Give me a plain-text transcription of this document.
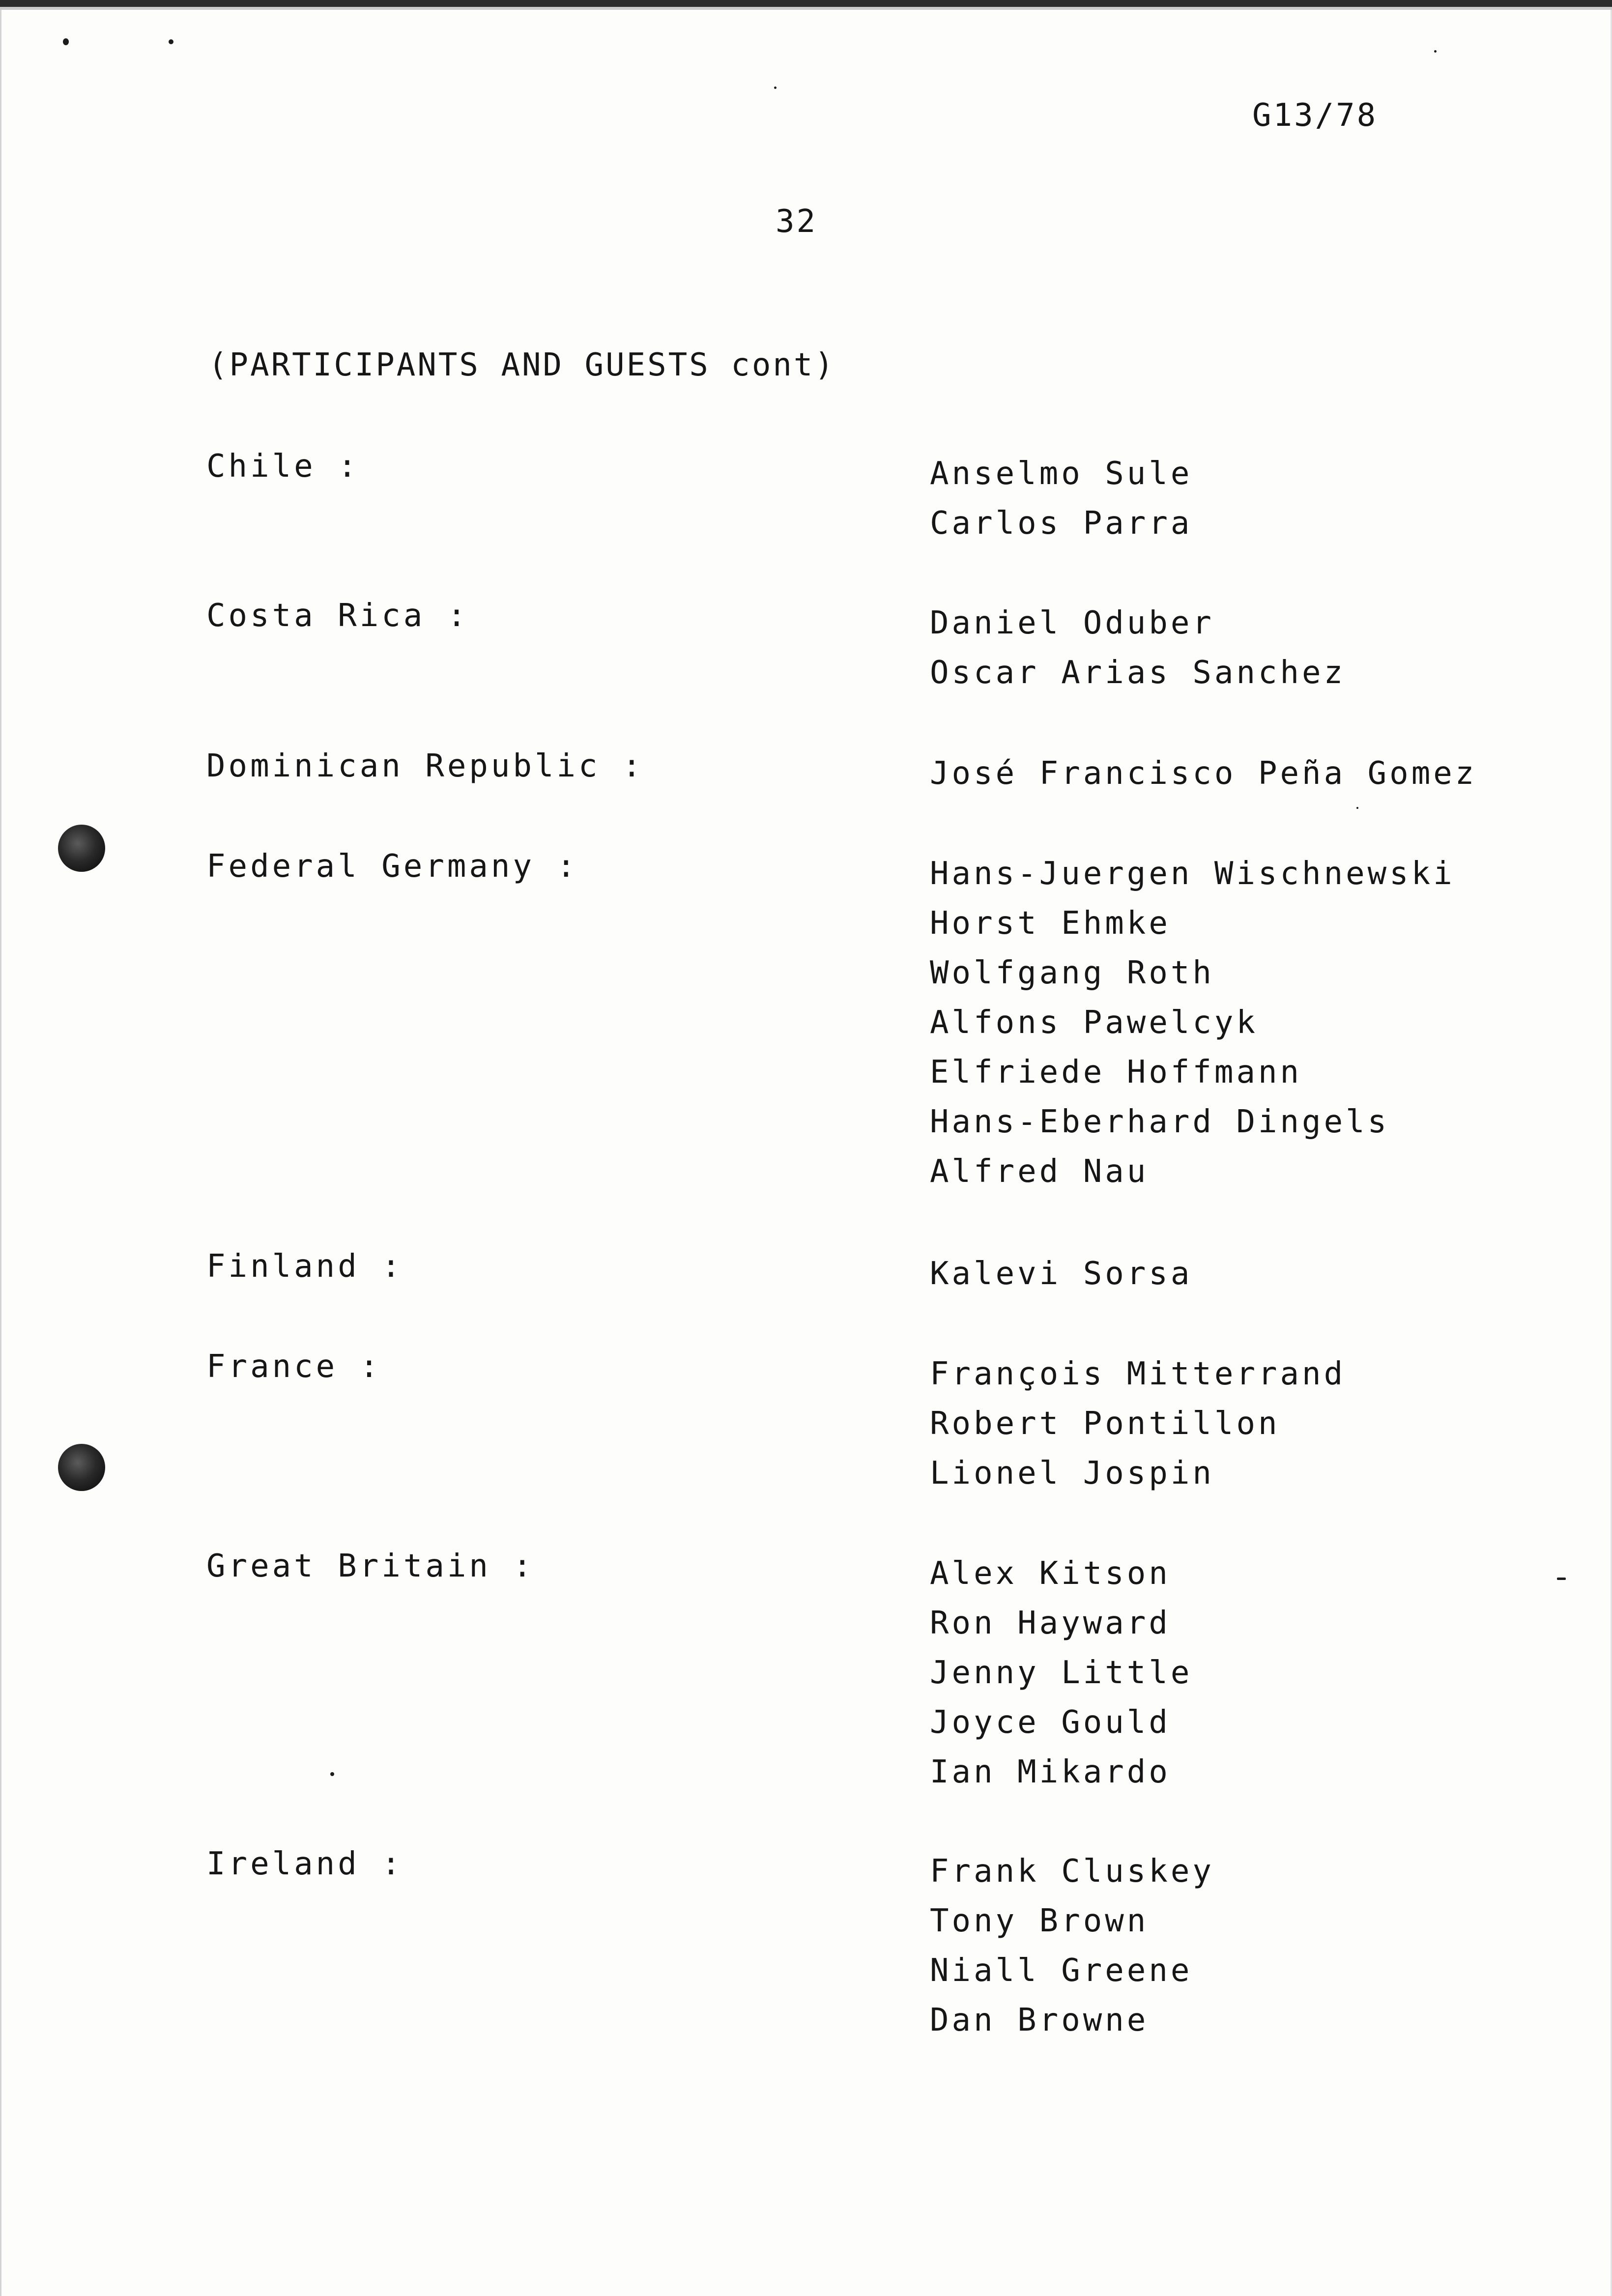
G13/78
32
(PARTICIPANTS AND GUESTS cont)
Chile :	Anselmo Sule
Carlos Parra
Costa Rica :	Daniel Oduber
Oscar Arias Sanchez
Dominican Republic :	José Francisco Peña Gomez
Federal Germany :	Hans-Juergen Wischnewski
Horst Ehmke
Wolfgang Roth
Alfons Pawelcyk
Elfriede Hoffmann
Hans-Eberhard Dingels
Alfred Nau
Finland :	Kalevi Sorsa
France :	François Mitterrand
Robert Pontillon
Lionel Jospin
Great Britain :	Alex Kitson
Ron Hayward
Jenny Little
Joyce Gould
Ian Mikardo
Ireland :	Frank Cluskey
Tony Brown
Niall Greene
Dan Browne
